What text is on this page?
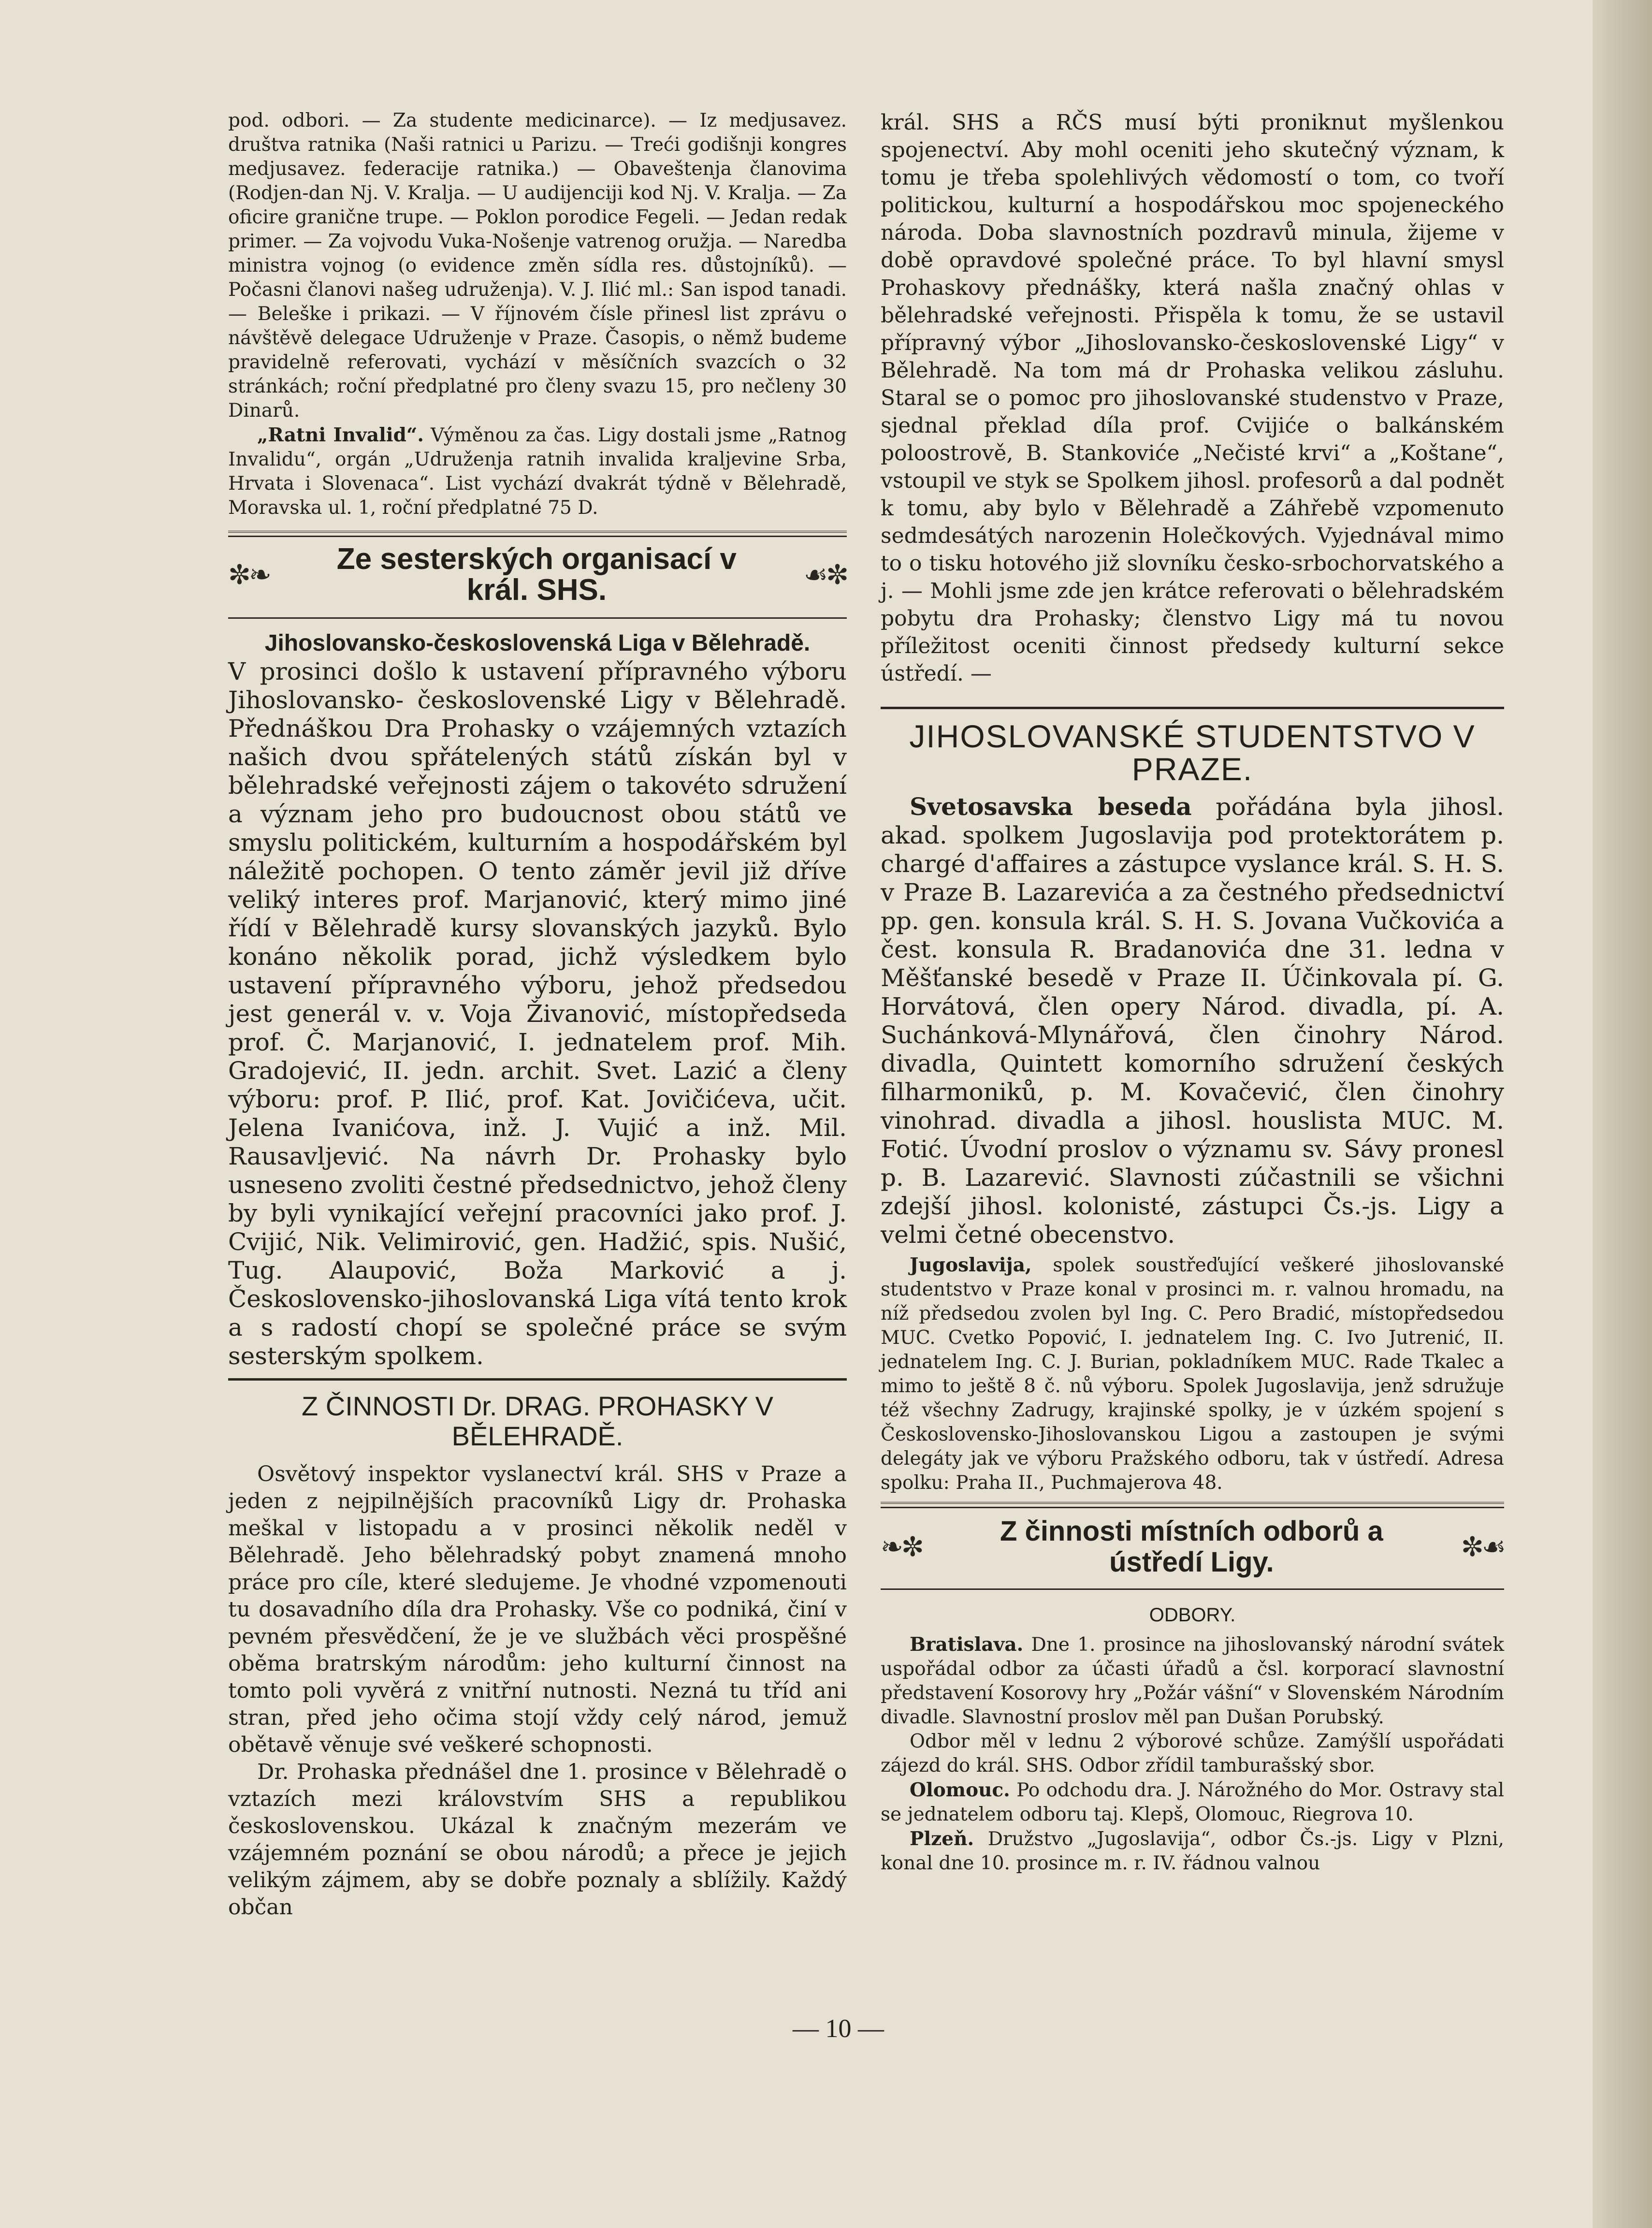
pod. odbori. — Za studente medicinarce). — Iz medjusavez. društva ratnika (Naši ratnici u Parizu. — Treći godišnji kongres medjusavez. federacije ratnika.) — Obaveštenja članovima (Rodjen-dan Nj. V. Kralja. — U audijenciji kod Nj. V. Kralja. — Za oficire granične trupe. — Poklon porodice Fegeli. — Jedan redak primer. — Za vojvodu Vuka-Nošenje vatrenog oružja. — Naredba ministra vojnog (o evidence změn sídla res. důstojníků). — Počasni članovi našeg udruženja). V. J. Ilić ml.: San ispod tanadi. — Beleške i prikazi. — V říjnovém čísle přinesl list zprávu o návštěvě delegace Udruženje v Praze. Časopis, o němž budeme pravidelně referovati, vychází v měsíčních svazcích o 32 stránkách; roční předplatné pro členy svazu 15, pro nečleny 30 Dinarů.

„Ratni Invalid“. Výměnou za čas. Ligy dostali jsme „Ratnog Invalidu“, orgán „Udruženja ratnih invalida kraljevine Srba, Hrvata i Slovenaca“. List vychází dvakrát týdně v Bělehradě, Moravska ul. 1, roční předplatné 75 D.

✼❧	Ze sesterských organisací v král. SHS.	☙✼

Jihoslovansko-československá Liga v Bělehradě.

V prosinci došlo k ustavení přípravného výboru Jihoslovansko- československé Ligy v Bělehradě. Přednáškou Dra Prohasky o vzájemných vztazích našich dvou spřátelených států získán byl v bělehradské veřejnosti zájem o takovéto sdružení a význam jeho pro budoucnost obou států ve smyslu politickém, kulturním a hospodářském byl náležitě pochopen. O tento záměr jevil již dříve veliký interes prof. Marjanović, který mimo jiné řídí v Bělehradě kursy slovanských jazyků. Bylo konáno několik porad, jichž výsledkem bylo ustavení přípravného výboru, jehož předsedou jest generál v. v. Voja Živanović, místopředseda prof. Č. Marjanović, I. jednatelem prof. Mih. Gradojević, II. jedn. archit. Svet. Lazić a členy výboru: prof. P. Ilić, prof. Kat. Jovičićeva, učit. Jelena Ivanićova, inž. J. Vujić a inž. Mil. Rausavljević. Na návrh Dr. Prohasky bylo usneseno zvoliti čestné předsednictvo, jehož členy by byli vynikající veřejní pracovníci jako prof. J. Cvijić, Nik. Velimirović, gen. Hadžić, spis. Nušić, Tug. Alaupović, Boža Marković a j. Československo-jihoslovanská Liga vítá tento krok a s radostí chopí se společné práce se svým sesterským spolkem.

Z ČINNOSTI Dr. DRAG. PROHASKY V BĚLEHRADĚ.

Osvětový inspektor vyslanectví král. SHS v Praze a jeden z nejpilnějších pracovníků Ligy dr. Prohaska meškal v listopadu a v prosinci několik neděl v Bělehradě. Jeho bělehradský pobyt znamená mnoho práce pro cíle, které sledujeme. Je vhodné vzpomenouti tu dosavadního díla dra Prohasky. Vše co podniká, činí v pevném přesvědčení, že je ve službách věci prospěšné oběma bratrským národům: jeho kulturní činnost na tomto poli vyvěrá z vnitřní nutnosti. Nezná tu tříd ani stran, před jeho očima stojí vždy celý národ, jemuž obětavě věnuje své veškeré schopnosti.

Dr. Prohaska přednášel dne 1. prosince v Bělehradě o vztazích mezi královstvím SHS a republikou československou. Ukázal k značným mezerám ve vzájemném poznání se obou národů; a přece je jejich velikým zájmem, aby se dobře poznaly a sblížily. Každý občan

král. SHS a RČS musí býti proniknut myšlenkou spojenectví. Aby mohl oceniti jeho skutečný význam, k tomu je třeba spolehlivých vědomostí o tom, co tvoří politickou, kulturní a hospodářskou moc spojeneckého národa. Doba slavnostních pozdravů minula, žijeme v době opravdové společné práce. To byl hlavní smysl Prohaskovy přednášky, která našla značný ohlas v bělehradské veřejnosti. Přispěla k tomu, že se ustavil přípravný výbor „Jihoslovansko-československé Ligy“ v Bělehradě. Na tom má dr Prohaska velikou zásluhu. Staral se o pomoc pro jihoslovanské studenstvo v Praze, sjednal překlad díla prof. Cvijiće o balkánském poloostrově, B. Stankoviće „Nečisté krvi“ a „Koštane“, vstoupil ve styk se Spolkem jihosl. profesorů a dal podnět k tomu, aby bylo v Bělehradě a Záhřebě vzpomenuto sedmdesátých narozenin Holečkových. Vyjednával mimo to o tisku hotového již slovníku česko-srbochorvatského a j. — Mohli jsme zde jen krátce referovati o bělehradském pobytu dra Prohasky; členstvo Ligy má tu novou příležitost oceniti činnost předsedy kulturní sekce ústředí. —

JIHOSLOVANSKÉ STUDENTSTVO V PRAZE.

Svetosavska beseda pořádána byla jihosl. akad. spolkem Jugoslavija pod protektorátem p. chargé d'affaires a zástupce vyslance král. S. H. S. v Praze B. Lazarevića a za čestného předsednictví pp. gen. konsula král. S. H. S. Jovana Vučkovića a čest. konsula R. Bradanovića dne 31. ledna v Měšťanské besedě v Praze II. Účinkovala pí. G. Horvátová, člen opery Národ. divadla, pí. A. Suchánková-Mlynářová, člen činohry Národ. divadla, Quintett komorního sdružení českých filharmoniků, p. M. Kovačević, člen činohry vinohrad. divadla a jihosl. houslista MUC. M. Fotić. Úvodní proslov o významu sv. Sávy pronesl p. B. Lazarević. Slavnosti zúčastnili se všichni zdejší jihosl. kolonisté, zástupci Čs.-js. Ligy a velmi četné obecenstvo.

Jugoslavija, spolek soustřeďující veškeré jihoslovanské studentstvo v Praze konal v prosinci m. r. valnou hromadu, na níž předsedou zvolen byl Ing. C. Pero Bradić, místopředsedou MUC. Cvetko Popović, I. jednatelem Ing. C. Ivo Jutrenić, II. jednatelem Ing. C. J. Burian, pokladníkem MUC. Rade Tkalec a mimo to ještě 8 č. nů výboru. Spolek Jugoslavija, jenž sdružuje též všechny Zadrugy, krajinské spolky, je v úzkém spojení s Československo-Jihoslovanskou Ligou a zastoupen je svými delegáty jak ve výboru Pražského odboru, tak v ústředí. Adresa spolku: Praha II., Puchmajerova 48.

❧✼	Z činnosti místních odborů a ústředí Ligy.	✼☙

ODBORY.

Bratislava. Dne 1. prosince na jihoslovanský národní svátek uspořádal odbor za účasti úřadů a čsl. korporací slavnostní představení Kosorovy hry „Požár vášní“ v Slovenském Národním divadle. Slavnostní proslov měl pan Dušan Porubský.

Odbor měl v lednu 2 výborové schůze. Zamýšlí uspořádati zájezd do král. SHS. Odbor zřídil tamburašský sbor.

Olomouc. Po odchodu dra. J. Nárožného do Mor. Ostravy stal se jednatelem odboru taj. Klepš, Olomouc, Riegrova 10.

Plzeň. Družstvo „Jugoslavija“, odbor Čs.-js. Ligy v Plzni, konal dne 10. prosince m. r. IV. řádnou valnou

— 10 —
